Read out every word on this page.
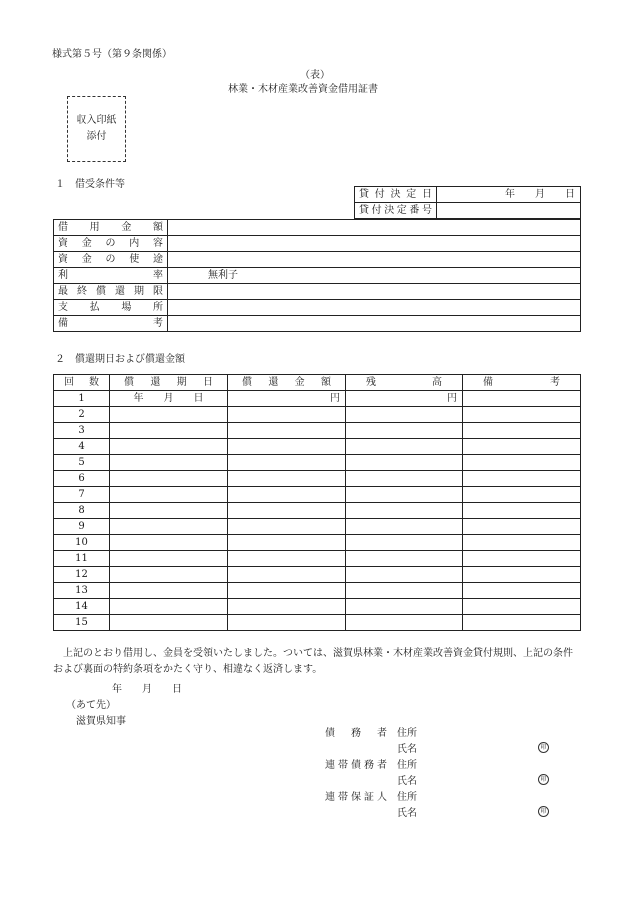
様式第５号（第９条関係）
（表）
林業・木材産業改善資金借用証書
収入印紙
添付
１　借受条件等
貸付決定日	年　　月　　日
貸付決定番号	
借用金額	
資金の内容	
資金の使途	
利率	無利子
最終償還期限	
支払場所	
備考	
２　償還期日および償還金額
回数	償還期日	償還金額	残高	備考
1	年　　月　　日	円	円	
2				
3				
4				
5				
6				
7				
8				
9				
10				
11				
12				
13				
14				
15				
上記のとおり借用し、金員を受領いたしました。ついては、滋賀県林業・木材産業改善資金貸付規則、上記の条件および裏面の特約条項をかたく守り、相違なく返済します。
年　　月　　日
（あて先）
滋賀県知事
債務者 住所
氏名	印
連帯債務者 住所
氏名	印
連帯保証人 住所
氏名	印
